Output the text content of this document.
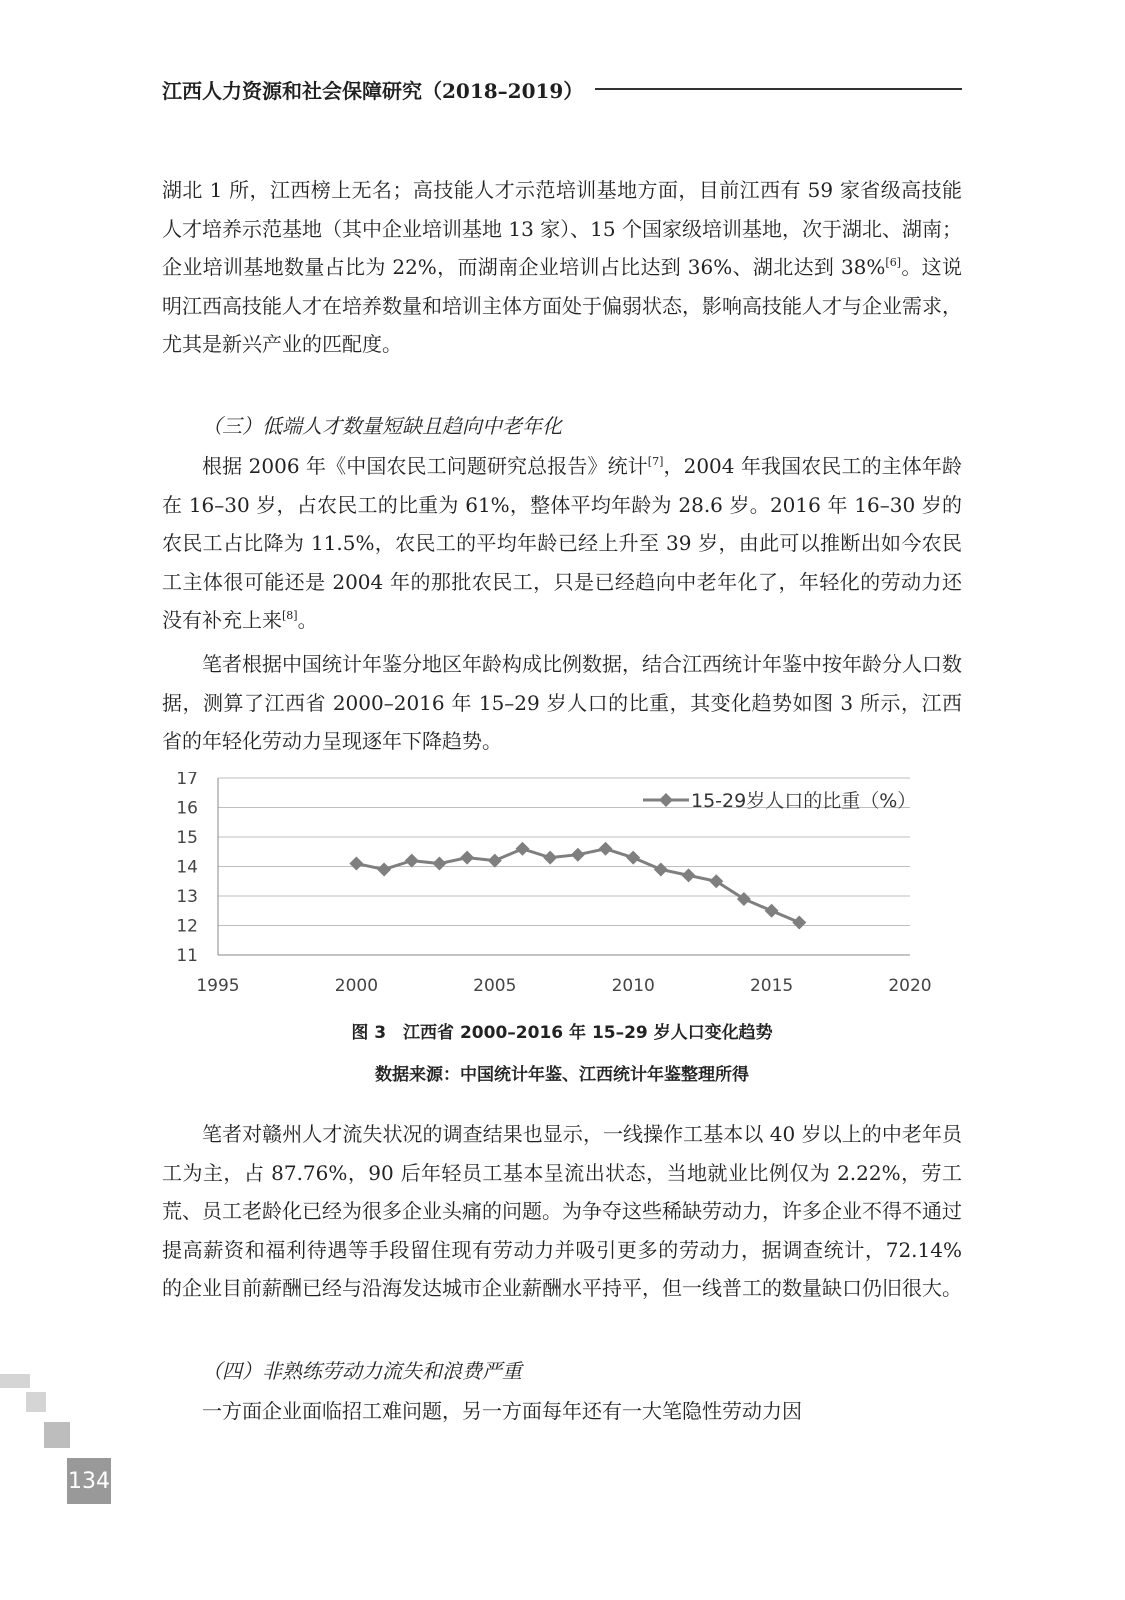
江西人力资源和社会保障研究（2018–2019）
湖北 1 所，江西榜上无名；高技能人才示范培训基地方面，目前江西有 59 家省级高技能人才培养示范基地（其中企业培训基地 13 家）、15 个国家级培训基地，次于湖北、湖南；企业培训基地数量占比为 22%，而湖南企业培训占比达到 36%、湖北达到 38%[6]。这说明江西高技能人才在培养数量和培训主体方面处于偏弱状态，影响高技能人才与企业需求，尤其是新兴产业的匹配度。
（三）低端人才数量短缺且趋向中老年化
根据 2006 年《中国农民工问题研究总报告》统计[7]，2004 年我国农民工的主体年龄在 16–30 岁，占农民工的比重为 61%，整体平均年龄为 28.6 岁。2016 年 16–30 岁的农民工占比降为 11.5%，农民工的平均年龄已经上升至 39 岁，由此可以推断出如今农民工主体很可能还是 2004 年的那批农民工，只是已经趋向中老年化了，年轻化的劳动力还没有补充上来[8]。
笔者根据中国统计年鉴分地区年龄构成比例数据，结合江西统计年鉴中按年龄分人口数据，测算了江西省 2000–2016 年 15–29 岁人口的比重，其变化趋势如图 3 所示，江西省的年轻化劳动力呈现逐年下降趋势。
11
12
13
14
15
16
17
1995	2000	2005	2010	2015	2020
15-29岁人口的比重（%）
图 3　江西省 2000–2016 年 15–29 岁人口变化趋势
数据来源：中国统计年鉴、江西统计年鉴整理所得
笔者对赣州人才流失状况的调查结果也显示，一线操作工基本以 40 岁以上的中老年员工为主，占 87.76%，90 后年轻员工基本呈流出状态，当地就业比例仅为 2.22%，劳工荒、员工老龄化已经为很多企业头痛的问题。为争夺这些稀缺劳动力，许多企业不得不通过提高薪资和福利待遇等手段留住现有劳动力并吸引更多的劳动力，据调查统计，72.14% 的企业目前薪酬已经与沿海发达城市企业薪酬水平持平，但一线普工的数量缺口仍旧很大。
（四）非熟练劳动力流失和浪费严重
一方面企业面临招工难问题，另一方面每年还有一大笔隐性劳动力因
134
